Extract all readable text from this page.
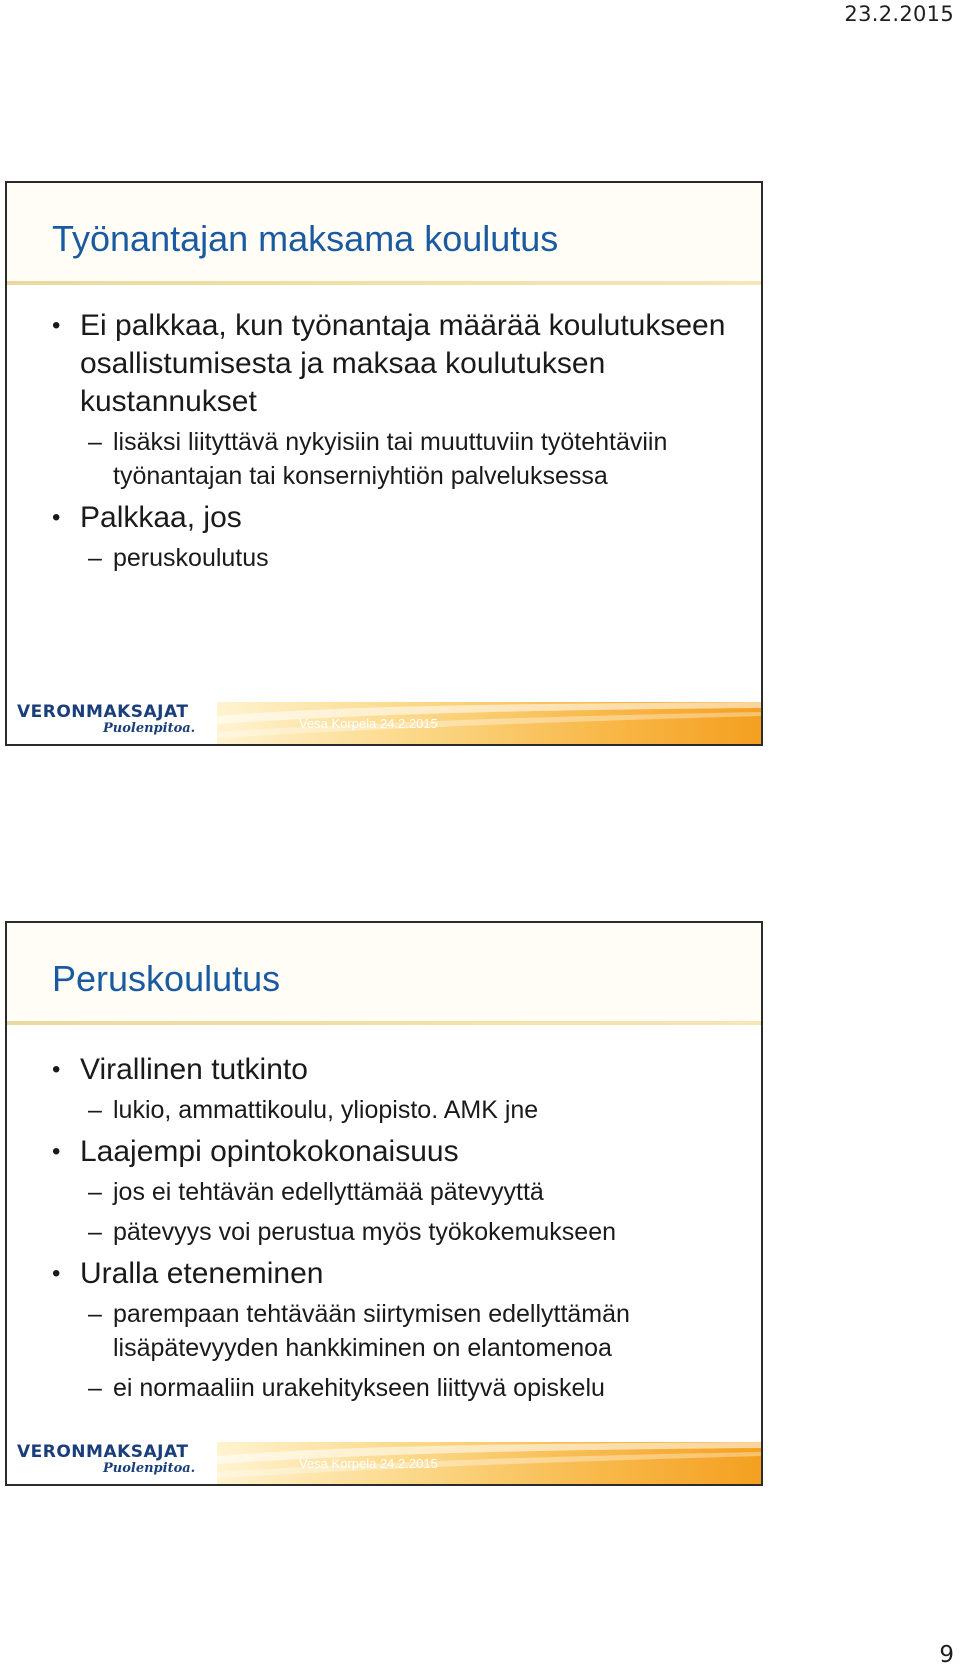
23.2.2015
Työnantajan maksama koulutus
• Ei palkkaa, kun työnantaja määrää koulutukseen osallistumisesta ja maksaa koulutuksen kustannukset
– lisäksi liityttävä nykyisiin tai muuttuviin työtehtäviin työnantajan tai konserniyhtiön palveluksessa
• Palkkaa, jos
– peruskoulutus
VERONMAKSAJAT
Puolenpitoa.	Vesa Korpela 24.2.2015
Peruskoulutus
• Virallinen tutkinto
– lukio, ammattikoulu, yliopisto. AMK jne
• Laajempi opintokokonaisuus
– jos ei tehtävän edellyttämää pätevyyttä
– pätevyys voi perustua myös työkokemukseen
• Uralla eteneminen
– parempaan tehtävään siirtymisen edellyttämän lisäpätevyyden hankkiminen on elantomenoa
– ei normaaliin urakehitykseen liittyvä opiskelu
VERONMAKSAJAT
Puolenpitoa.	Vesa Korpela 24.2.2015
9
